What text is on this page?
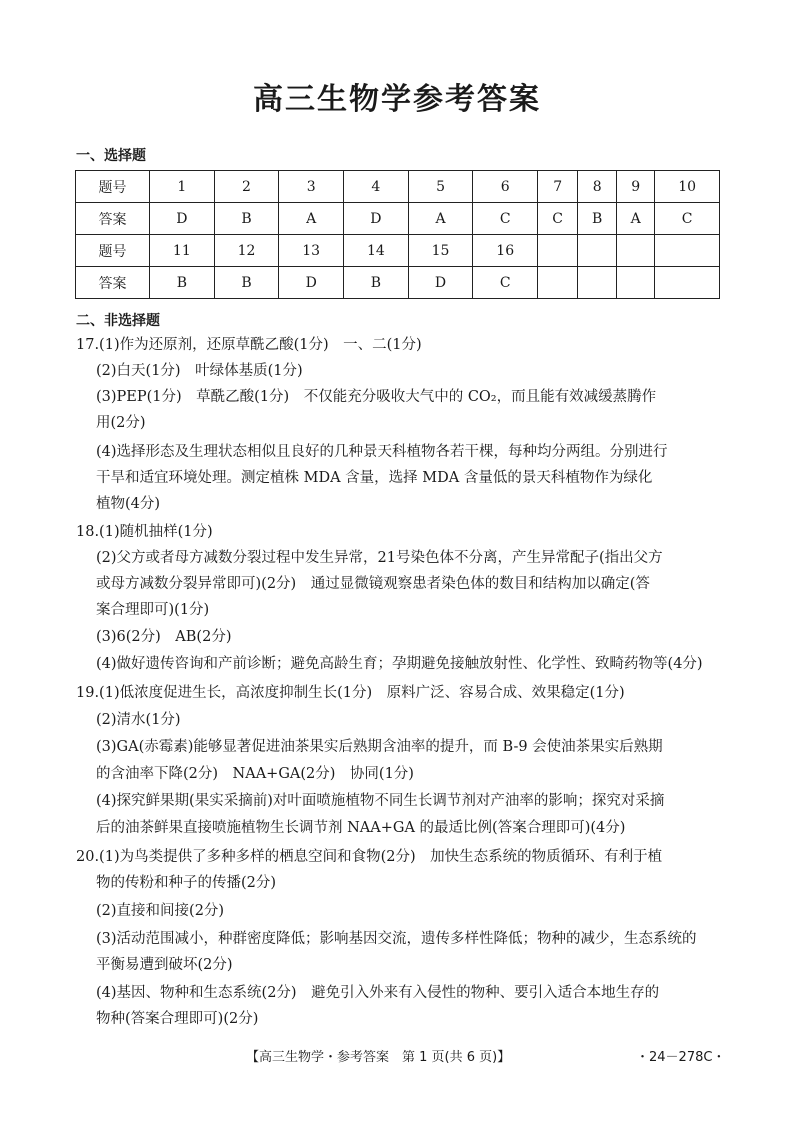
高三生物学参考答案
一、选择题
题号	1	2	3	4	5	6	7	8	9	10
答案	D	B	A	D	A	C	C	B	A	C
题号	11	12	13	14	15	16				
答案	B	B	D	B	D	C				
二、非选择题
17.(1)作为还原剂，还原草酰乙酸(1分)　一、二(1分)
(2)白天(1分)　叶绿体基质(1分)
(3)PEP(1分)　草酰乙酸(1分)　不仅能充分吸收大气中的 CO₂，而且能有效减缓蒸腾作
用(2分)
(4)选择形态及生理状态相似且良好的几种景天科植物各若干棵，每种均分两组。分别进行
干旱和适宜环境处理。测定植株 MDA 含量，选择 MDA 含量低的景天科植物作为绿化
植物(4分)
18.(1)随机抽样(1分)
(2)父方或者母方减数分裂过程中发生异常，21号染色体不分离，产生异常配子(指出父方
或母方减数分裂异常即可)(2分)　通过显微镜观察患者染色体的数目和结构加以确定(答
案合理即可)(1分)
(3)6(2分)　AB(2分)
(4)做好遗传咨询和产前诊断；避免高龄生育；孕期避免接触放射性、化学性、致畸药物等(4分)
19.(1)低浓度促进生长，高浓度抑制生长(1分)　原料广泛、容易合成、效果稳定(1分)
(2)清水(1分)
(3)GA(赤霉素)能够显著促进油茶果实后熟期含油率的提升，而 B-9 会使油茶果实后熟期
的含油率下降(2分)　NAA+GA(2分)　协同(1分)
(4)探究鲜果期(果实采摘前)对叶面喷施植物不同生长调节剂对产油率的影响；探究对采摘
后的油茶鲜果直接喷施植物生长调节剂 NAA+GA 的最适比例(答案合理即可)(4分)
20.(1)为鸟类提供了多种多样的栖息空间和食物(2分)　加快生态系统的物质循环、有利于植
物的传粉和种子的传播(2分)
(2)直接和间接(2分)
(3)活动范围减小，种群密度降低；影响基因交流，遗传多样性降低；物种的减少，生态系统的
平衡易遭到破坏(2分)
(4)基因、物种和生态系统(2分)　避免引入外来有入侵性的物种、要引入适合本地生存的
物种(答案合理即可)(2分)
【高三生物学・参考答案　第 1 页(共 6 页)】	・24－278C・
